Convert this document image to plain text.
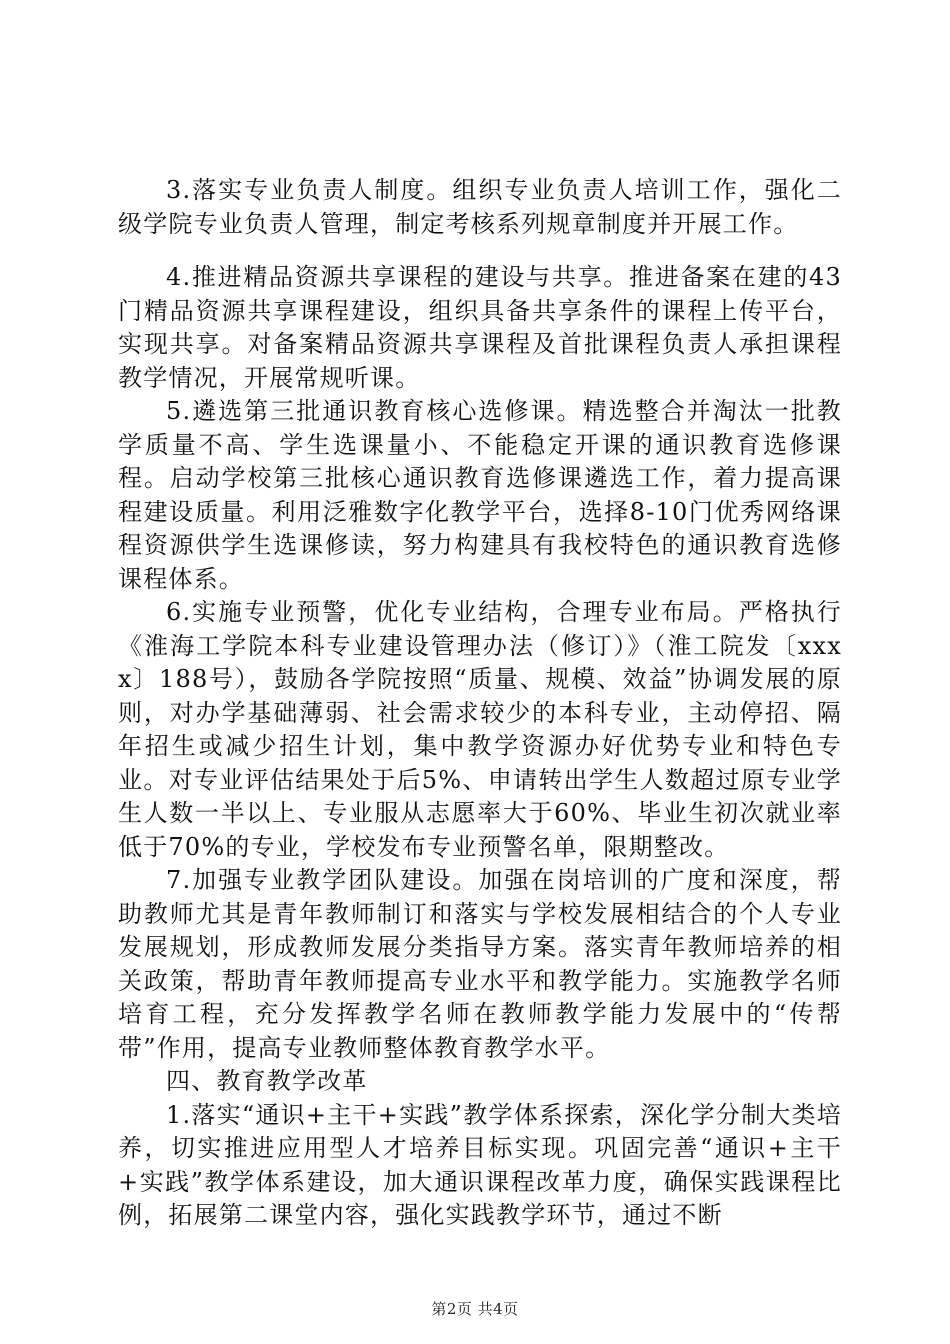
3.落实专业负责人制度。组织专业负责人培训工作，强化二级学院专业负责人管理，制定考核系列规章制度并开展工作。

4.推进精品资源共享课程的建设与共享。推进备案在建的43门精品资源共享课程建设，组织具备共享条件的课程上传平台，实现共享。对备案精品资源共享课程及首批课程负责人承担课程教学情况，开展常规听课。

5.遴选第三批通识教育核心选修课。精选整合并淘汰一批教学质量不高、学生选课量小、不能稳定开课的通识教育选修课程。启动学校第三批核心通识教育选修课遴选工作，着力提高课程建设质量。利用泛雅数字化教学平台，选择8-10门优秀网络课程资源供学生选课修读，努力构建具有我校特色的通识教育选修课程体系。

6.实施专业预警，优化专业结构，合理专业布局。严格执行《淮海工学院本科专业建设管理办法（修订）》（淮工院发〔xxxx〕188号），鼓励各学院按照“质量、规模、效益”协调发展的原则，对办学基础薄弱、社会需求较少的本科专业，主动停招、隔年招生或减少招生计划，集中教学资源办好优势专业和特色专业。对专业评估结果处于后5%、申请转出学生人数超过原专业学生人数一半以上、专业服从志愿率大于60%、毕业生初次就业率低于70%的专业，学校发布专业预警名单，限期整改。

7.加强专业教学团队建设。加强在岗培训的广度和深度，帮助教师尤其是青年教师制订和落实与学校发展相结合的个人专业发展规划，形成教师发展分类指导方案。落实青年教师培养的相关政策，帮助青年教师提高专业水平和教学能力。实施教学名师培育工程，充分发挥教学名师在教师教学能力发展中的“传帮带”作用，提高专业教师整体教育教学水平。

四、教育教学改革

1.落实“通识+主干+实践”教学体系探索，深化学分制大类培养，切实推进应用型人才培养目标实现。巩固完善“通识+主干+实践”教学体系建设，加大通识课程改革力度，确保实践课程比例，拓展第二课堂内容，强化实践教学环节，通过不断

第2页 共4页
